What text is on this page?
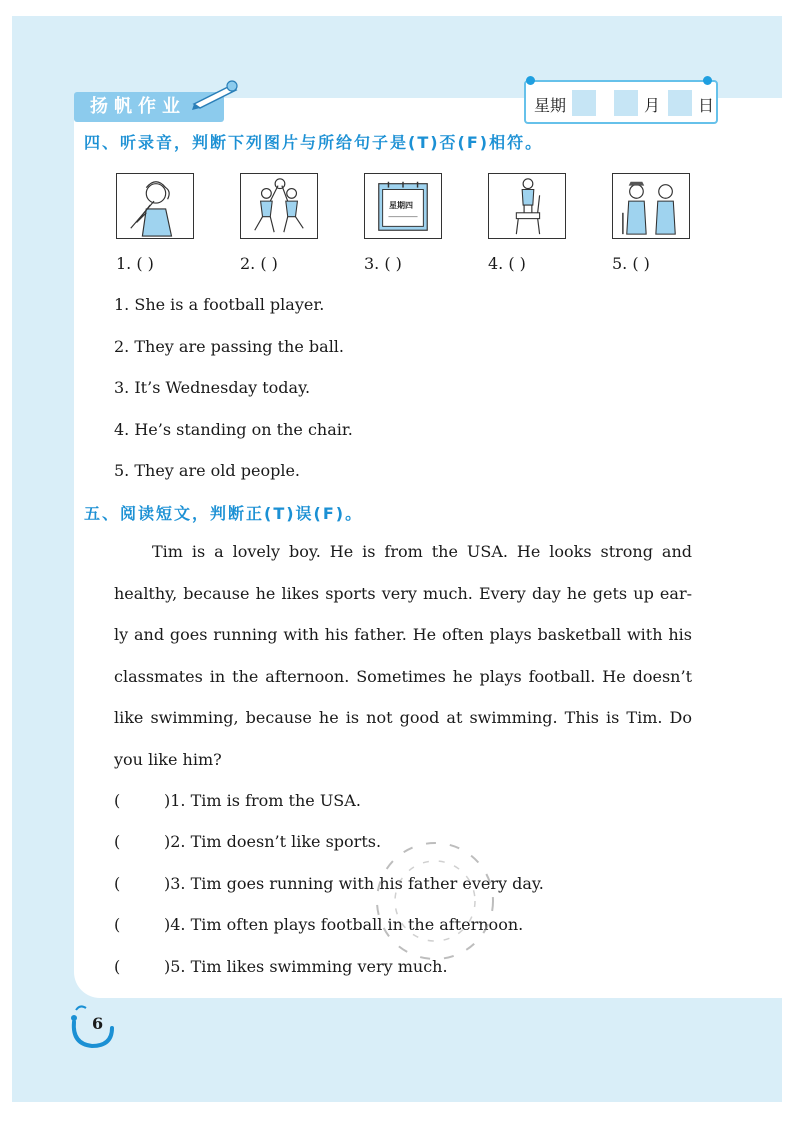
扬帆作业	星期	月 日
四、听录音，判断下列图片与所给句子是(T)否(F)相符。
星期四
1. ( )	2. ( )	3. ( )	4. ( )	5. ( )
1. She is a football player.
2. They are passing the ball.
3. It’s Wednesday today.
4. He’s standing on the chair.
5. They are old people.
五、阅读短文，判断正(T)误(F)。
Tim is a lovely boy. He is from the USA. He looks strong and
healthy, because he likes sports very much. Every day he gets up ear-
ly and goes running with his father. He often plays basketball with his
classmates in the afternoon. Sometimes he plays football. He doesn’t
like swimming, because he is not good at swimming. This is Tim. Do
you like him?
(	)1. Tim is from the USA.
(	)2. Tim doesn’t like sports.
(	)3. Tim goes running with his father every day.
(	)4. Tim often plays football in the afternoon.
(	)5. Tim likes swimming very much.
6
